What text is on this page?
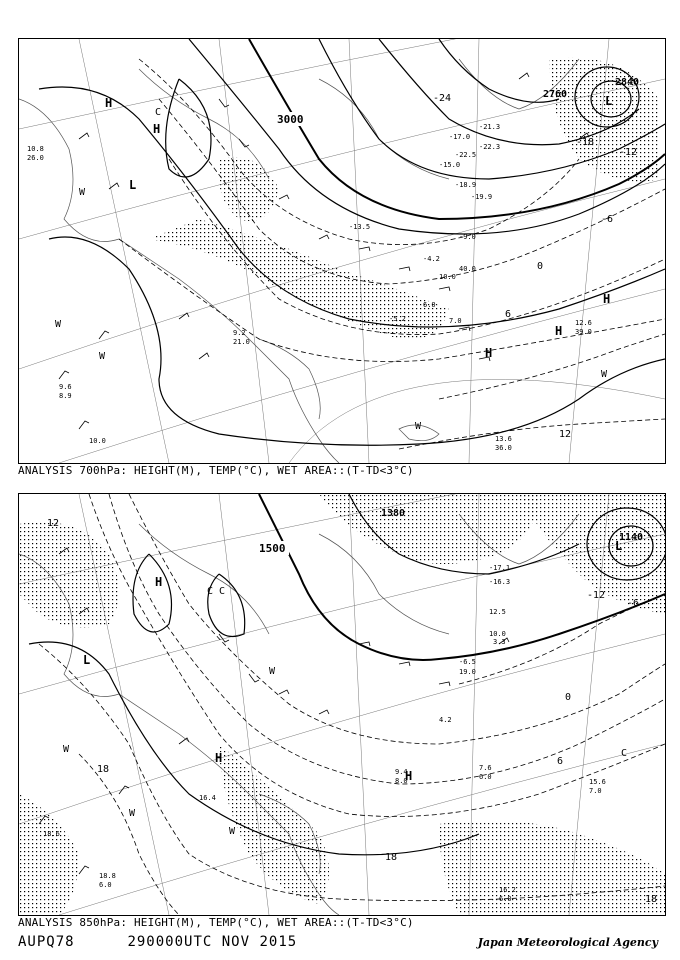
3000
2760
2840
-24
-18
-12
-6
0
6
12
H
H
L
L
H
H
H
C
W
W
W
W
W
-21.3
-22.3
-17.0
-15.0
-19.9
-9.0
-5.2
10.0
6.0
7.0
-4.2
40.0
9.2
21.0
10.8
26.0
12.6
39.0
13.6
36.0
9.6
8.9
10.0
-13.5
-22.5
-18.9
ANALYSIS 700hPa: HEIGHT(M), TEMP(°C), WET AREA::(T-TD<3°C)
1500
1380
1140
12
-6
-12
18
18
18
0
6
H
L
H
H
L
C C
W
W
W
W
C
-17.1
-16.3
12.5
10.0
4.2
3.3
-6.5
19.0
7.6
6.0
15.6
7.0
16.2
6.0
18.8
6.0
16.4
18.6
9.4
8.0
ANALYSIS 850hPa: HEIGHT(M), TEMP(°C), WET AREA::(T-TD<3°C)
AUPQ78	290000UTC NOV 2015	Japan Meteorological Agency
